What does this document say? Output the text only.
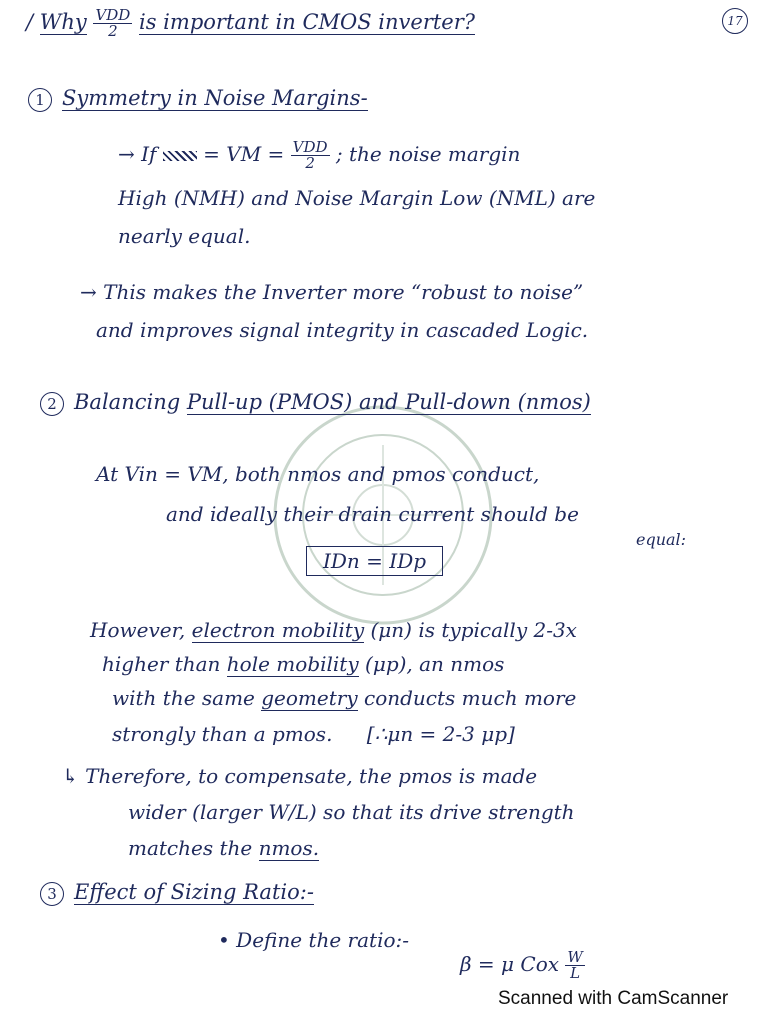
17
/ Why $\frac{\text{VDD}}{2}$ is important in CMOS inverter?
1 Symmetry in Noise Margins-
→ If = VM = $\frac{\text{VDD}}{2}$ ; the noise margin
High (NMH) and Noise Margin Low (NML) are
nearly equal.
→ This makes the Inverter more “robust to noise”
and improves signal integrity in cascaded Logic.
2 Balancing Pull-up (PMOS) and Pull-down (nmos)
At Vin = VM, both nmos and pmos conduct,
and ideally their drain current should be
equal:
IDn = IDp
However, electron mobility (μn) is typically 2-3x
higher than hole mobility (μp), an nmos
with the same geometry conducts much more
strongly than a pmos. [∴μn = 2-3 μp]
↳ Therefore, to compensate, the pmos is made
wider (larger W/L) so that its drive strength
matches the nmos.
3 Effect of Sizing Ratio:-
• Define the ratio:-
β = μ Cox $\frac{W}{L}$
Scanned with CamScanner
